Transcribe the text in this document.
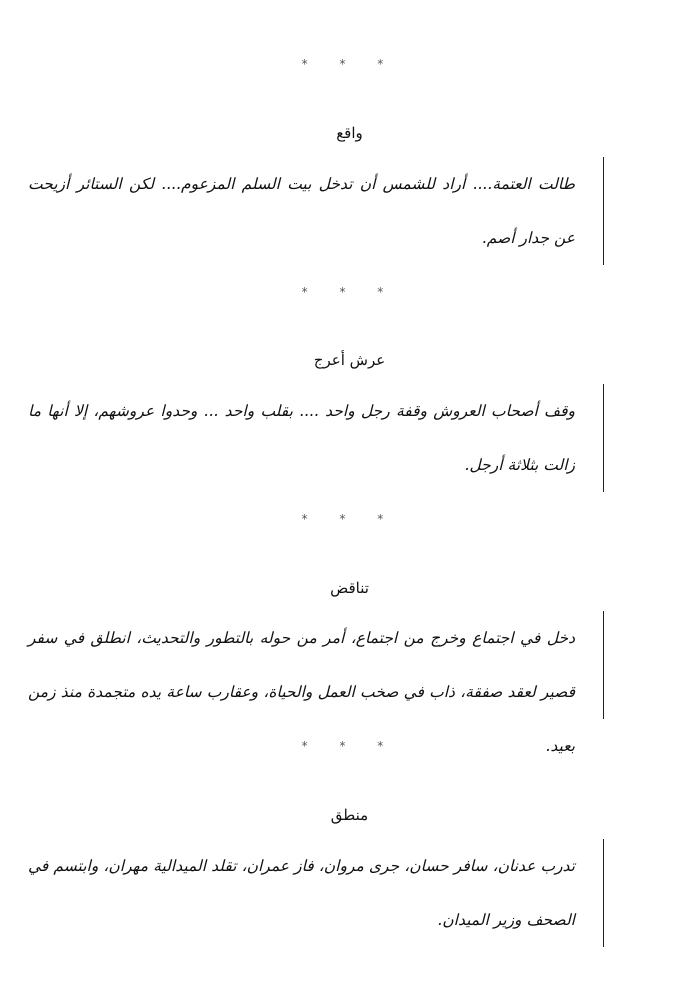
* * *
واقع
طالت العتمة.... أراد للشمس أن تدخل بيت السلم المزعوم.... لكن الستائر أزيحت عن جدار أصم.
* * *
عرش أعرج
وقف أصحاب العروش وقفة رجل واحد .... بقلب واحد ... وحدوا عروشهم، إلا أنها ما زالت بثلاثة أرجل.
* * *
تناقض
دخل في اجتماع وخرج من اجتماع، أمر من حوله بالتطور والتحديث، انطلق في سفر قصير لعقد صفقة، ذاب في صخب العمل والحياة، وعقارب ساعة يده متجمدة منذ زمن بعيد.
* * *
منطق
تدرب عدنان، سافر حسان، جرى مروان، فاز عمران، تقلد الميدالية مهران، وابتسم في الصحف وزير الميدان.
